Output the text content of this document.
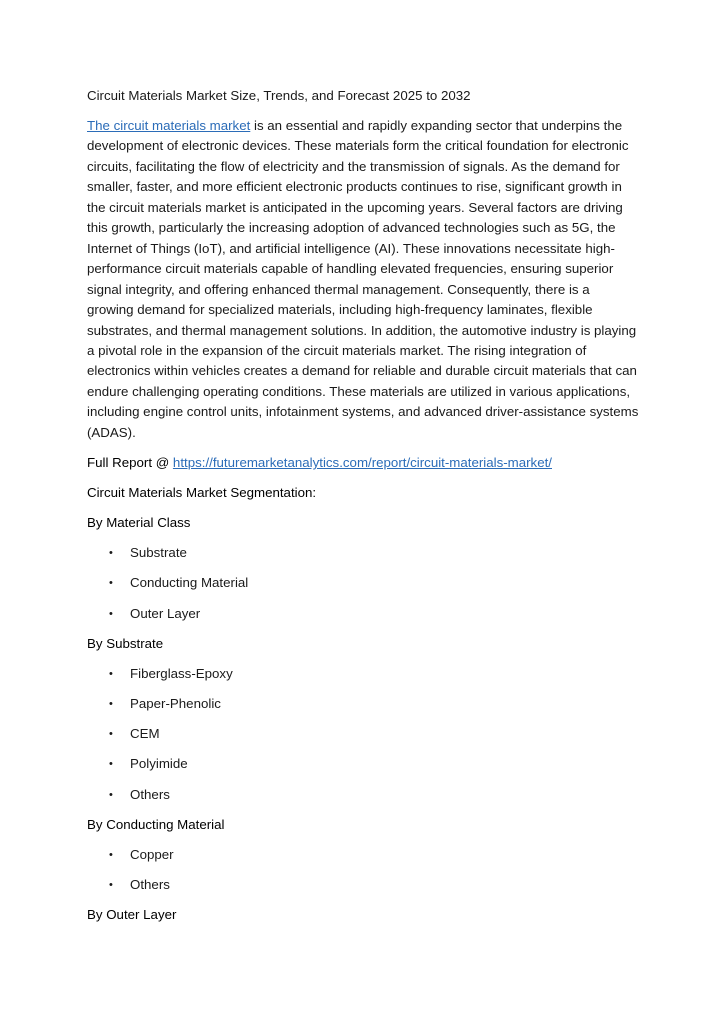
Circuit Materials Market Size, Trends, and Forecast 2025 to 2032

The circuit materials market is an essential and rapidly expanding sector that underpins the development of electronic devices. These materials form the critical foundation for electronic circuits, facilitating the flow of electricity and the transmission of signals. As the demand for smaller, faster, and more efficient electronic products continues to rise, significant growth in the circuit materials market is anticipated in the upcoming years. Several factors are driving this growth, particularly the increasing adoption of advanced technologies such as 5G, the Internet of Things (IoT), and artificial intelligence (AI). These innovations necessitate high-performance circuit materials capable of handling elevated frequencies, ensuring superior signal integrity, and offering enhanced thermal management. Consequently, there is a growing demand for specialized materials, including high-frequency laminates, flexible substrates, and thermal management solutions. In addition, the automotive industry is playing a pivotal role in the expansion of the circuit materials market. The rising integration of electronics within vehicles creates a demand for reliable and durable circuit materials that can endure challenging operating conditions. These materials are utilized in various applications, including engine control units, infotainment systems, and advanced driver-assistance systems (ADAS).

Full Report @ https://futuremarketanalytics.com/report/circuit-materials-market/

Circuit Materials Market Segmentation:

By Material Class

• Substrate
• Conducting Material
• Outer Layer

By Substrate

• Fiberglass-Epoxy
• Paper-Phenolic
• CEM
• Polyimide
• Others

By Conducting Material

• Copper
• Others

By Outer Layer
